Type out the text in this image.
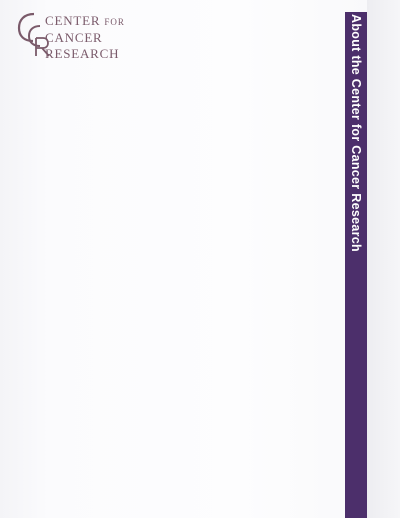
CENTER FOR
CANCER
RESEARCH	About the Center for Cancer Research
